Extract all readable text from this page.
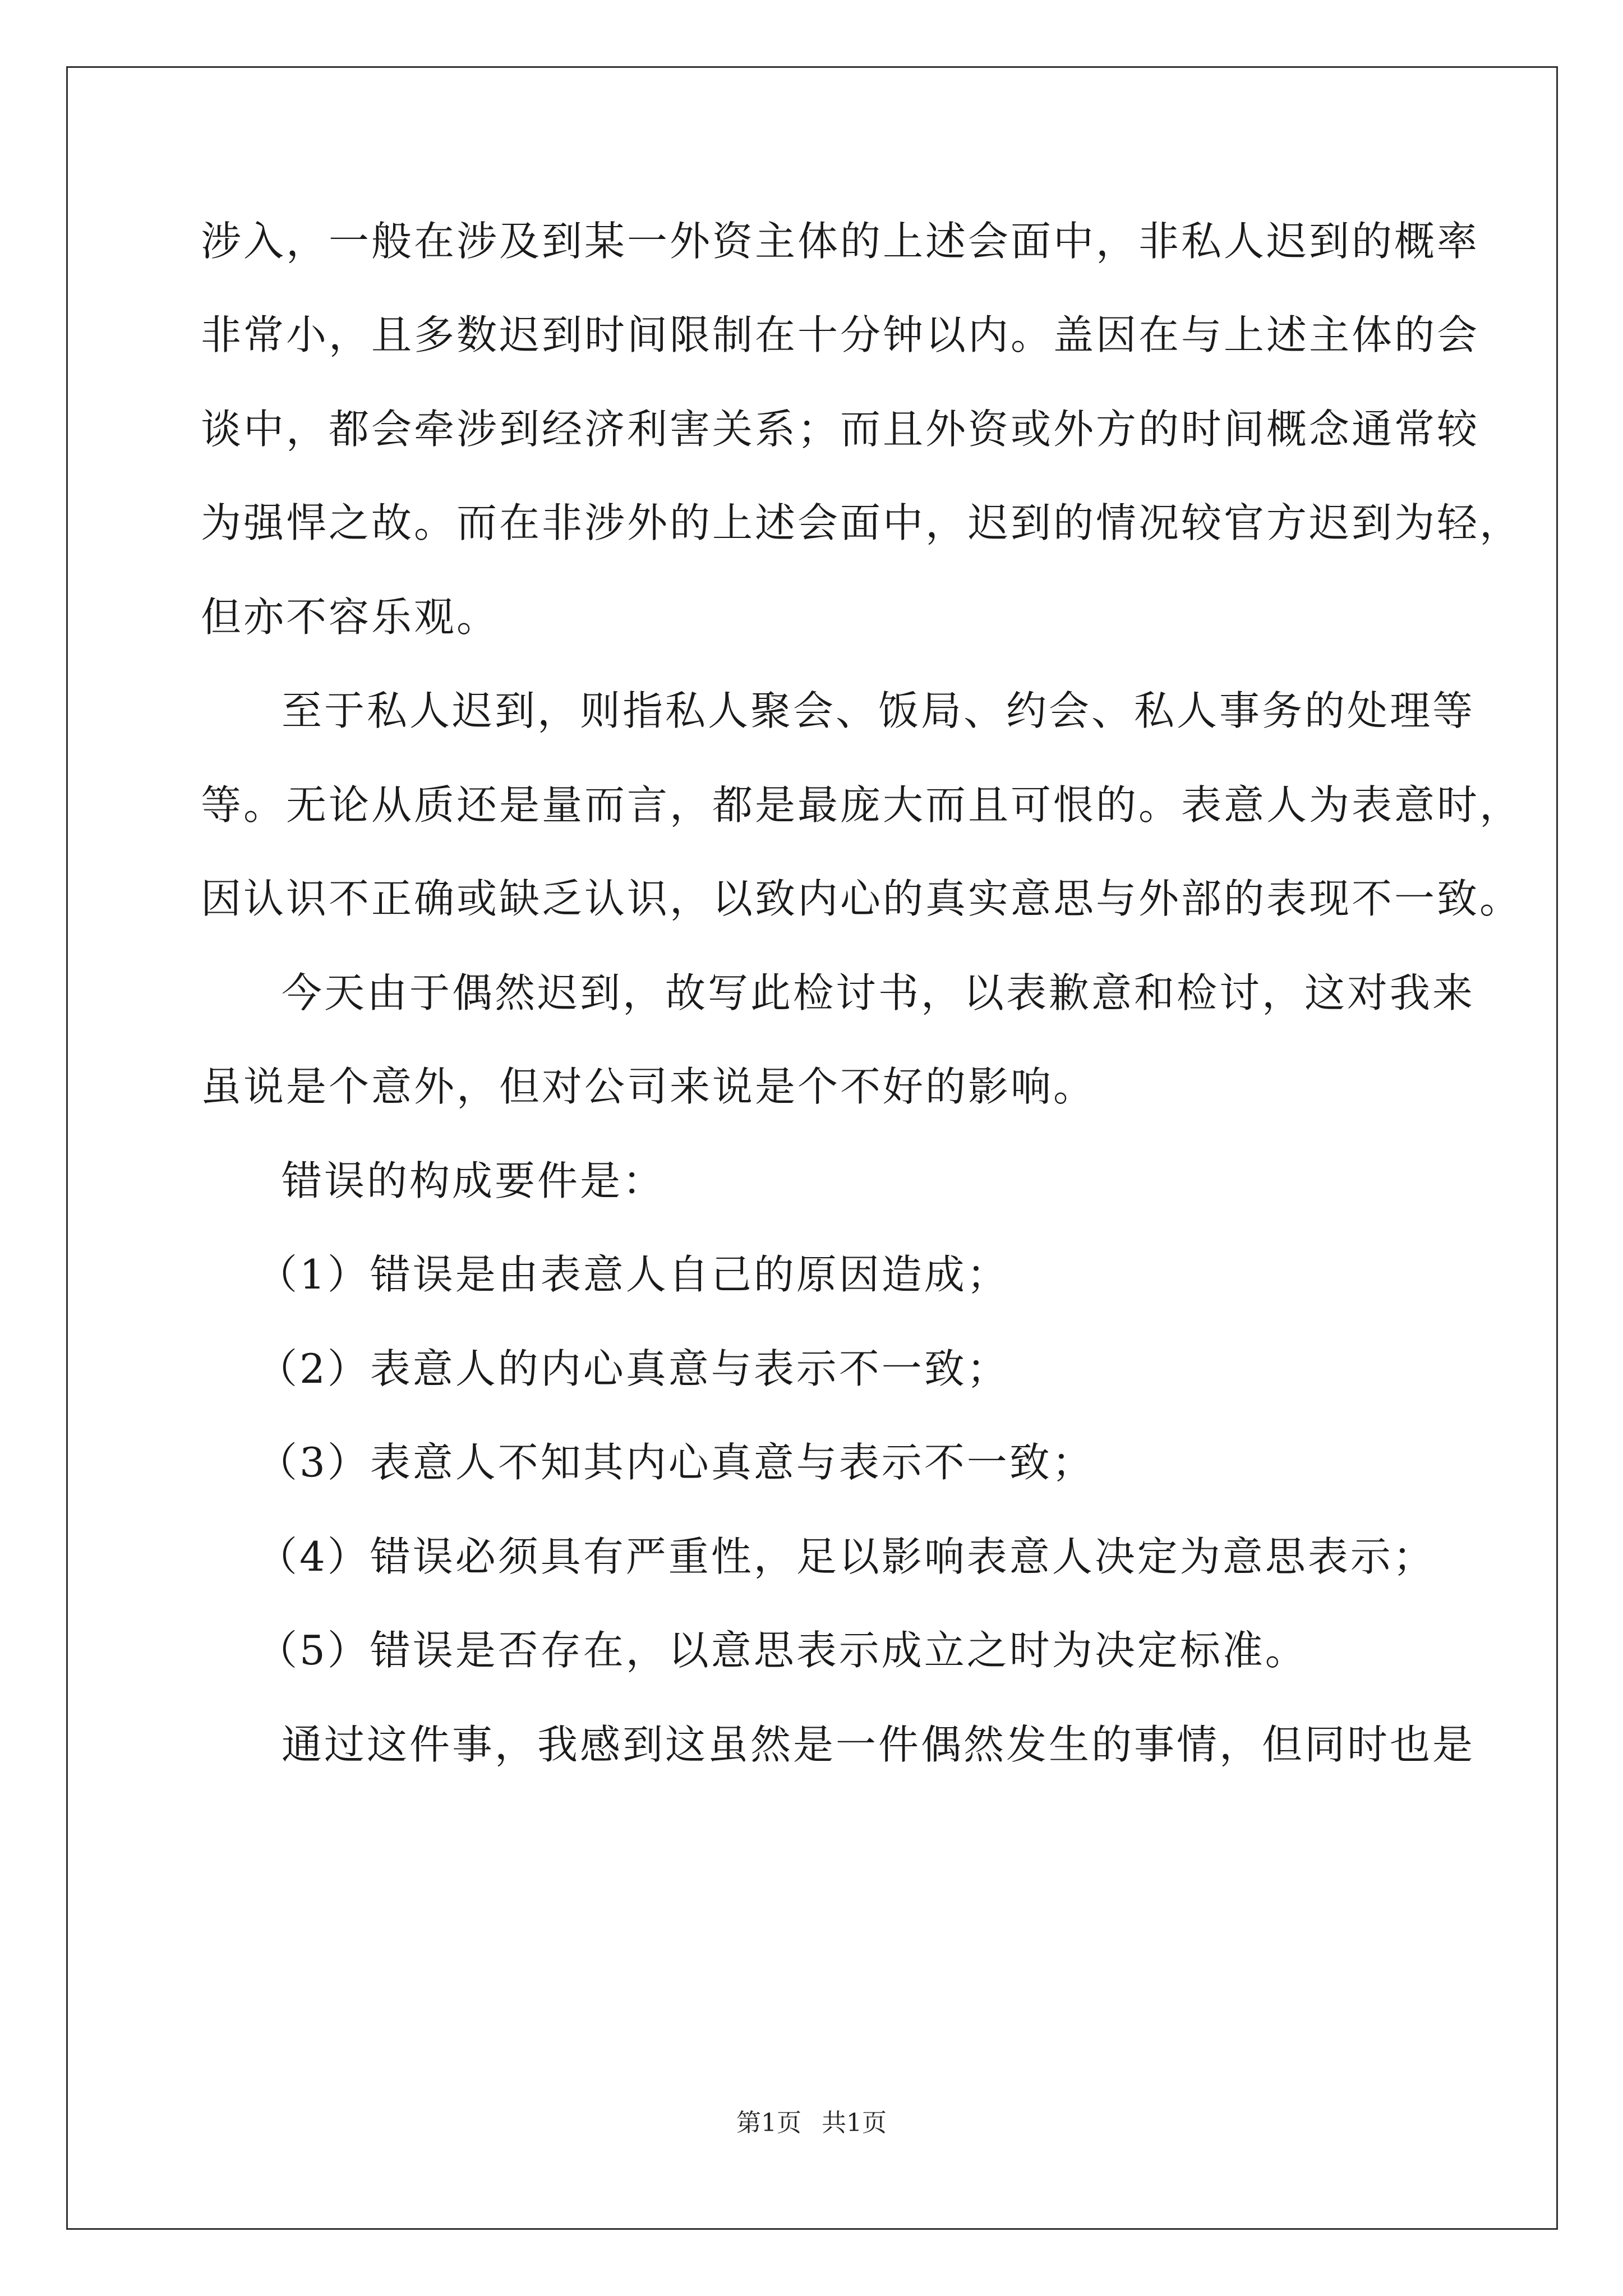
涉入，一般在涉及到某一外资主体的上述会面中，非私人迟到的概率
非常小，且多数迟到时间限制在十分钟以内。盖因在与上述主体的会
谈中，都会牵涉到经济利害关系；而且外资或外方的时间概念通常较
为强悍之故。而在非涉外的上述会面中，迟到的情况较官方迟到为轻，
但亦不容乐观。
至于私人迟到，则指私人聚会、饭局、约会、私人事务的处理等
等。无论从质还是量而言，都是最庞大而且可恨的。表意人为表意时，
因认识不正确或缺乏认识，以致内心的真实意思与外部的表现不一致。
今天由于偶然迟到，故写此检讨书，以表歉意和检讨，这对我来
虽说是个意外，但对公司来说是个不好的影响。
错误的构成要件是：
（1）错误是由表意人自己的原因造成；
（2）表意人的内心真意与表示不一致；
（3）表意人不知其内心真意与表示不一致；
（4）错误必须具有严重性，足以影响表意人决定为意思表示；
（5）错误是否存在，以意思表示成立之时为决定标准。
通过这件事，我感到这虽然是一件偶然发生的事情，但同时也是
第1页 共1页
